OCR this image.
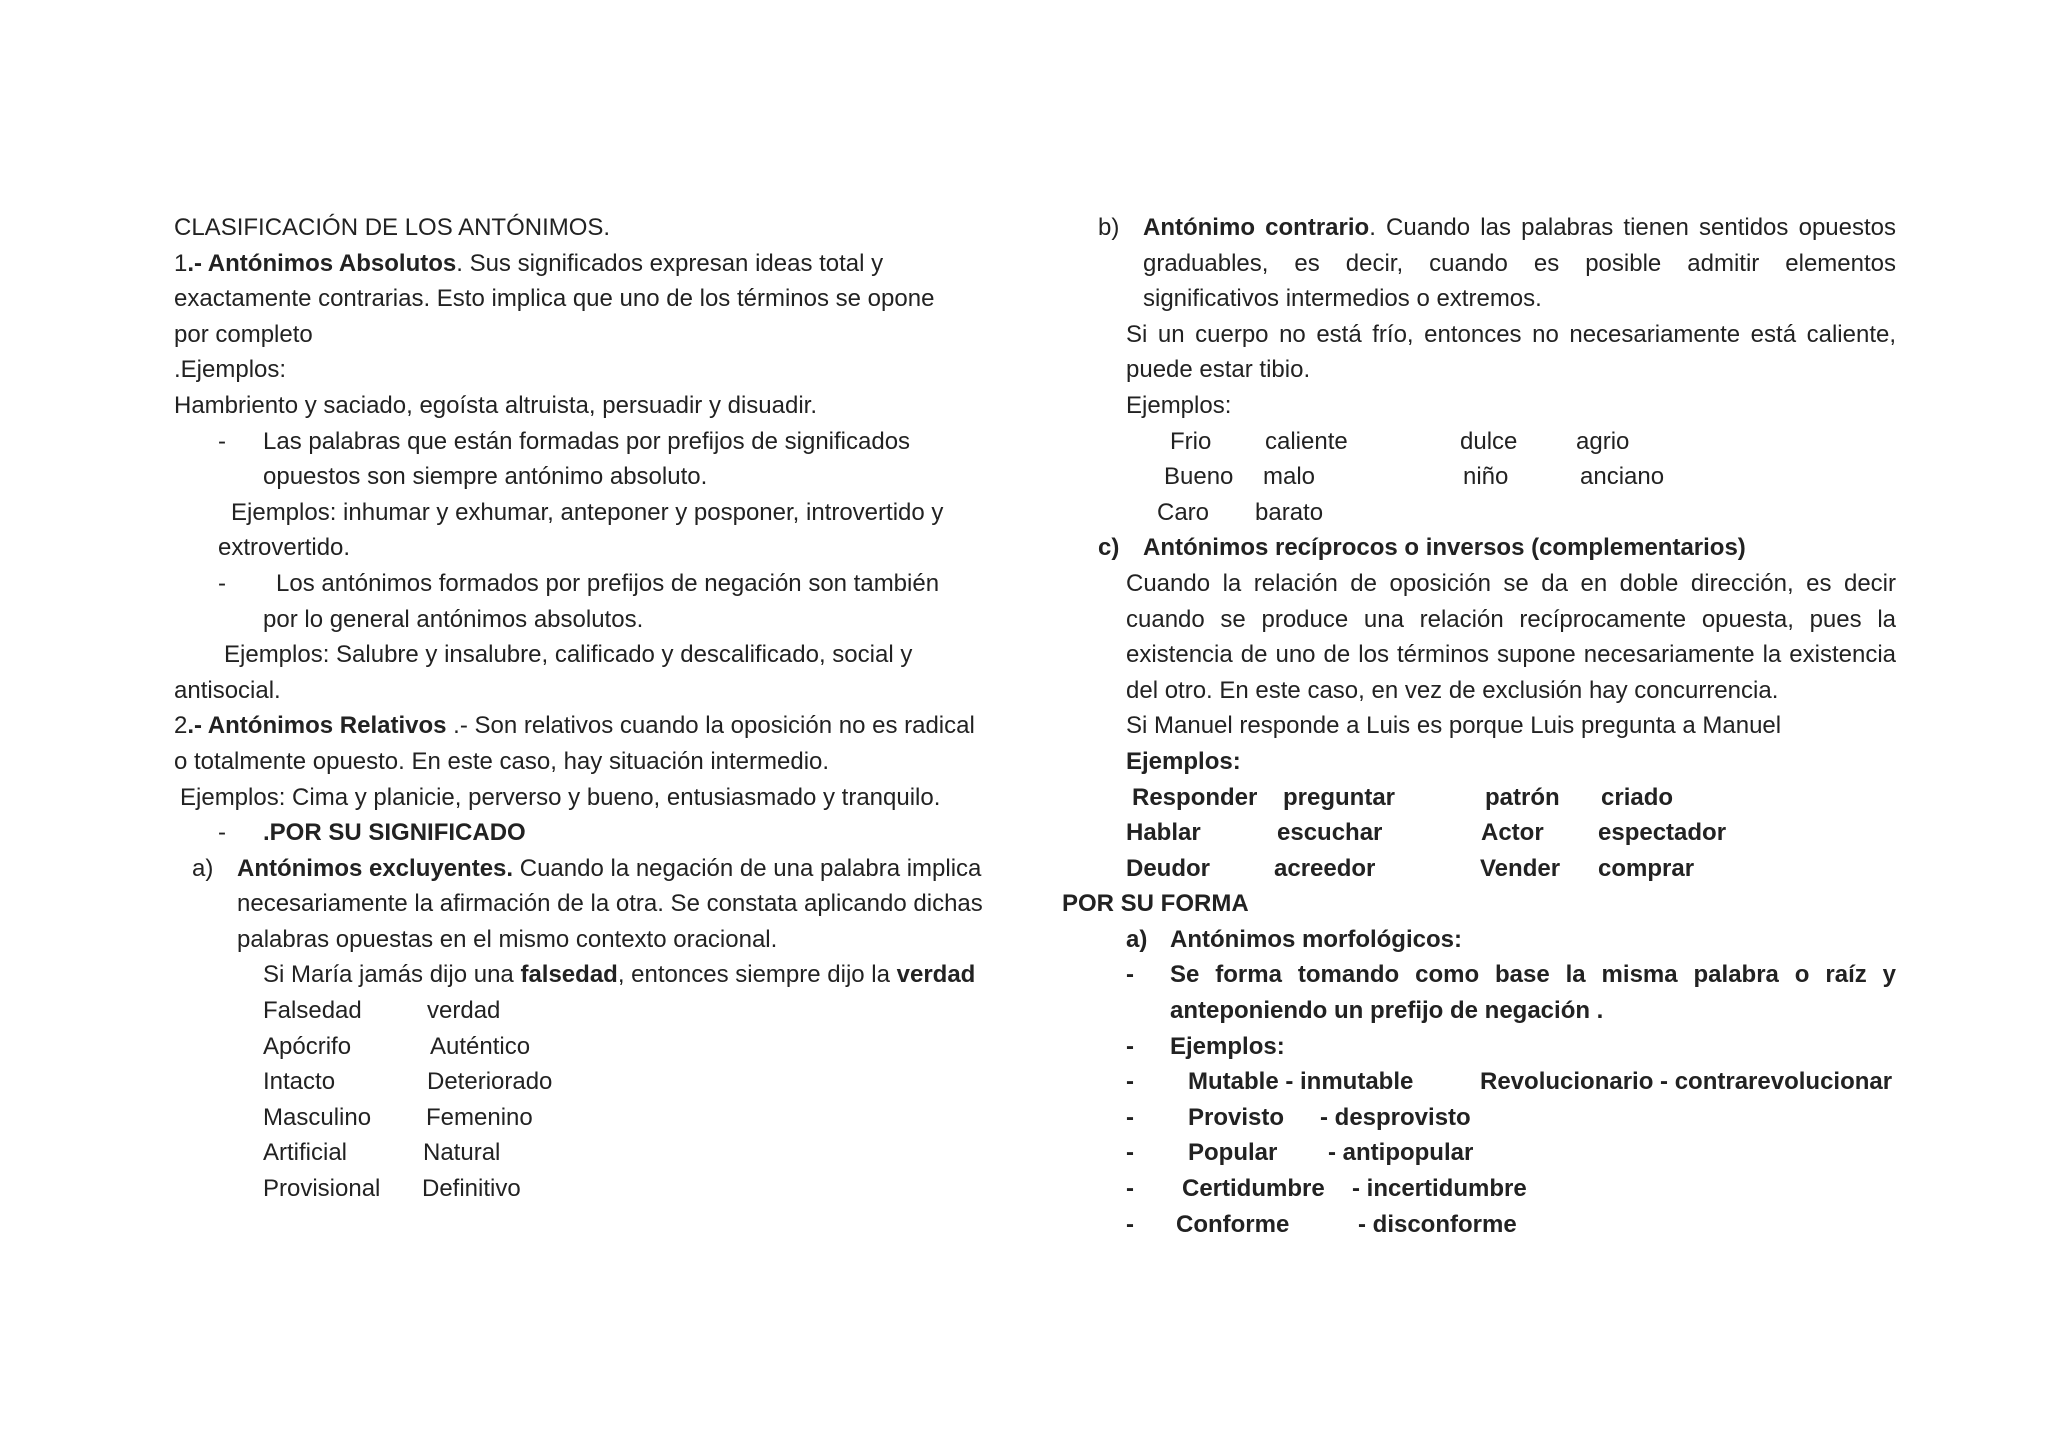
CLASIFICACIÓN DE LOS ANTÓNIMOS.
1.- Antónimos Absolutos. Sus significados expresan ideas total y
exactamente contrarias. Esto implica que uno de los términos se opone
por completo
.Ejemplos:
Hambriento y saciado, egoísta altruista, persuadir y disuadir.
- Las palabras que están formadas por prefijos de significados
opuestos son siempre antónimo absoluto.
Ejemplos: inhumar y exhumar, anteponer y posponer, introvertido y
extrovertido.
- Los antónimos formados por prefijos de negación son también
por lo general antónimos absolutos.
Ejemplos: Salubre y insalubre, calificado y descalificado, social y
antisocial.
2.- Antónimos Relativos .- Son relativos cuando la oposición no es radical
o totalmente opuesto. En este caso, hay situación intermedio.
Ejemplos: Cima y planicie, perverso y bueno, entusiasmado y tranquilo.
- .POR SU SIGNIFICADO
a) Antónimos excluyentes. Cuando la negación de una palabra implica
necesariamente la afirmación de la otra. Se constata aplicando dichas
palabras opuestas en el mismo contexto oracional.
Si María jamás dijo una falsedad, entonces siempre dijo la verdad
Falsedad	verdad
Apócrifo	Auténtico
Intacto	Deteriorado
Masculino Femenino
Artificial	Natural
Provisional Definitivo
b) Antónimo contrario. Cuando las palabras tienen sentidos opuestos
graduables, es decir, cuando es posible admitir elementos
significativos intermedios o extremos.
Si un cuerpo no está frío, entonces no necesariamente está caliente,
puede estar tibio.
Ejemplos:
Frio caliente	dulce agrio
Bueno malo	niño	anciano
Caro barato
c) Antónimos recíprocos o inversos (complementarios)
Cuando la relación de oposición se da en doble dirección, es decir
cuando se produce una relación recíprocamente opuesta, pues la
existencia de uno de los términos supone necesariamente la existencia
del otro. En este caso, en vez de exclusión hay concurrencia.
Si Manuel responde a Luis es porque Luis pregunta a Manuel
Ejemplos:
Responder preguntar	patrón criado
Hablar	escuchar	Actor espectador
Deudor	acreedor	Vender comprar
POR SU FORMA
a) Antónimos morfológicos:
- Se forma tomando como base la misma palabra o raíz y
anteponiendo un prefijo de negación .
- Ejemplos:
- Mutable - inmutable	Revolucionario - contrarevolucionar
- Provisto - desprovisto
- Popular - antipopular
- Certidumbre - incertidumbre
- Conforme	- disconforme
